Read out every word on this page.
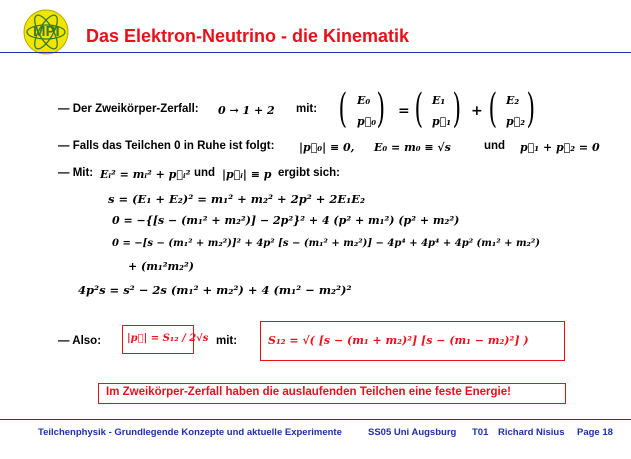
MPI Das Elektron-Neutrino - die Kinematik
— Der Zweikörper-Zerfall: 0 → 1 + 2 mit: ( E₀
p⃗₀ ) = ( E₁
p⃗₁ ) + ( E₂
p⃗₂ )
— Falls das Teilchen 0 in Ruhe ist folgt: |p⃗₀| ≡ 0, E₀ = m₀ ≡ √s	und p⃗₁ + p⃗₂ = 0
— Mit: Eᵢ² = mᵢ² + p⃗ᵢ² und |p⃗ᵢ| ≡ p ergibt sich:
s = (E₁ + E₂)² = m₁² + m₂² + 2p² + 2E₁E₂
0 = −{[s − (m₁² + m₂²)] − 2p²}² + 4 (p² + m₁²) (p² + m₂²)
0 = −[s − (m₁² + m₂²)]² + 4p² [s − (m₁² + m₂²)] − 4p⁴ + 4p⁴ + 4p² (m₁² + m₂²)
+ (m₁²m₂²)
4p²s = s² − 2s (m₁² + m₂²) + 4 (m₁² − m₂²)²
— Also:	|p⃗| = S₁₂ / 2√s mit:	S₁₂ = √( [s − (m₁ + m₂)²] [s − (m₁ − m₂)²] )
Im Zweikörper-Zerfall haben die auslaufenden Teilchen eine feste Energie!
Teilchenphysik - Grundlegende Konzepte und aktuelle Experimente	SS05 Uni Augsburg T01 Richard Nisius Page 18
